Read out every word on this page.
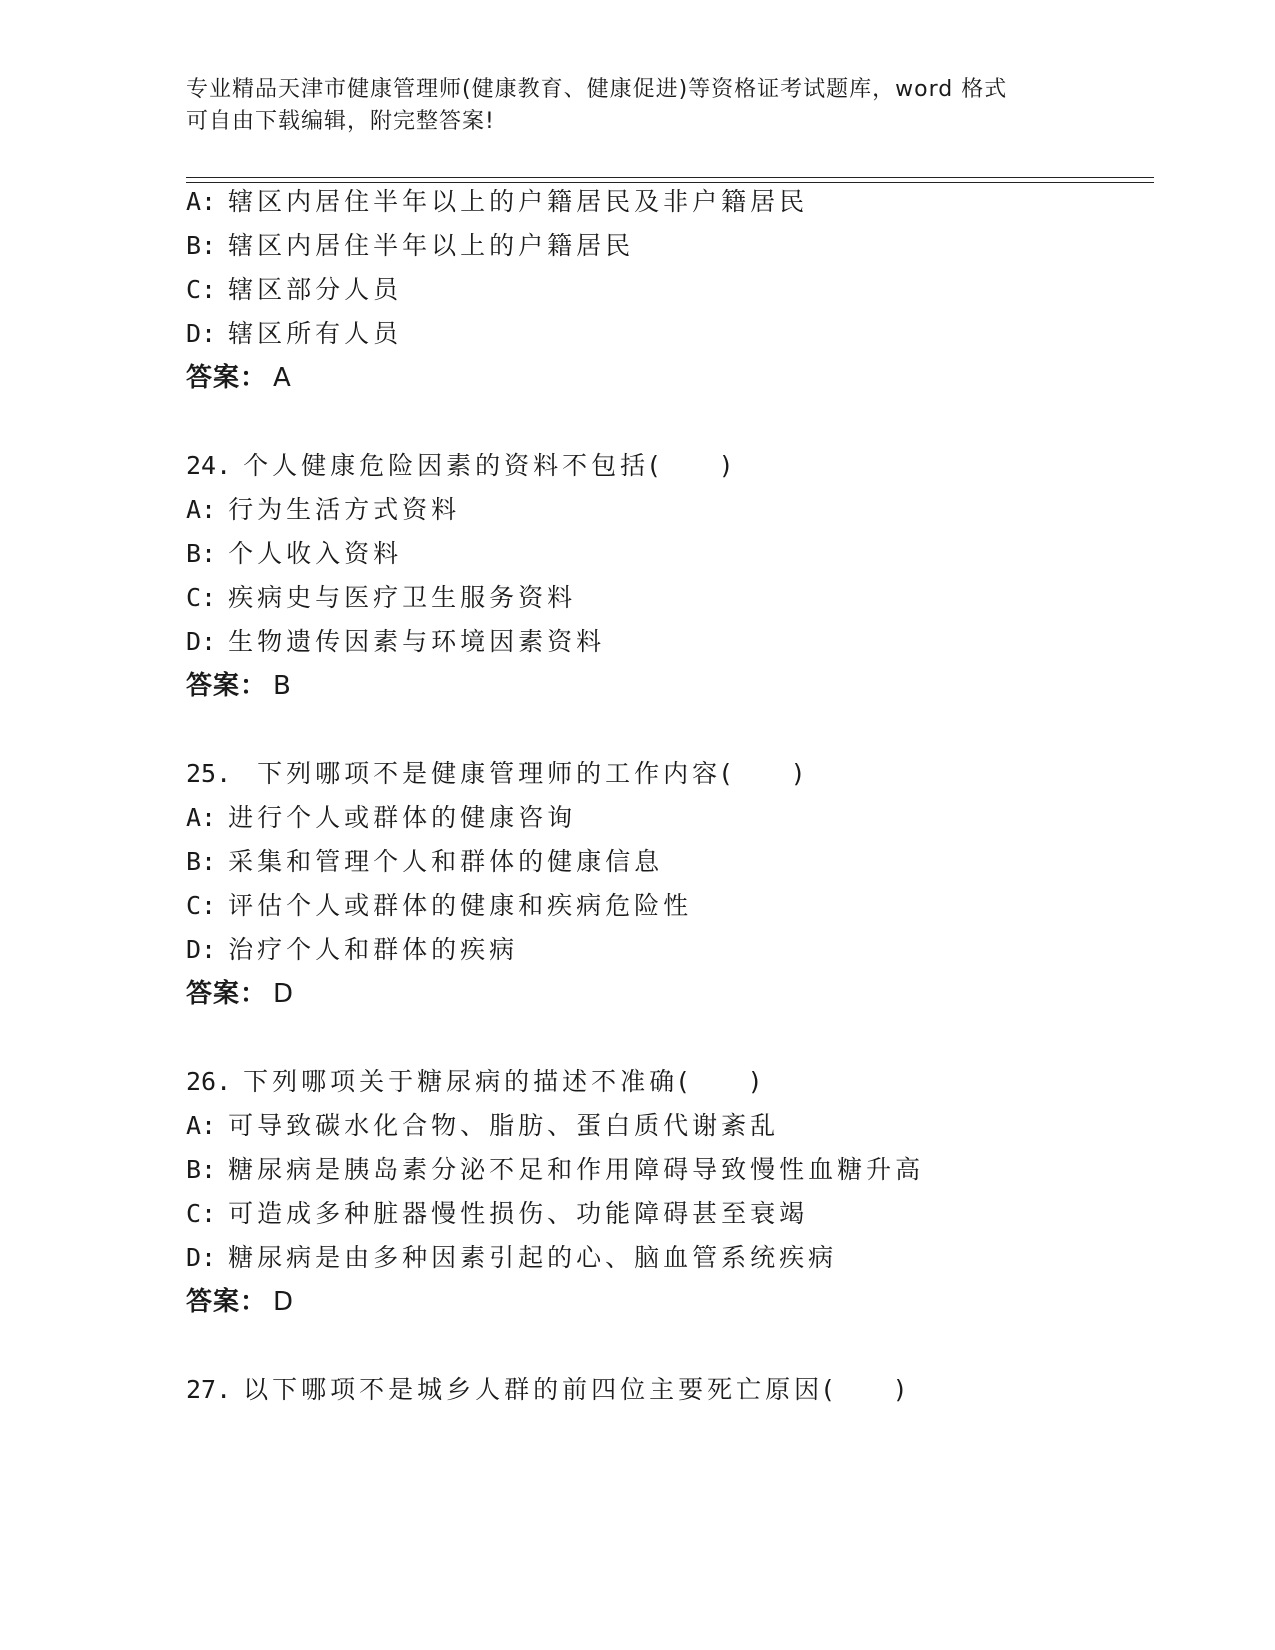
专业精品天津市健康管理师(健康教育、健康促进)等资格证考试题库，word 格式
可自由下载编辑，附完整答案!
A: 辖区内居住半年以上的户籍居民及非户籍居民
B: 辖区内居住半年以上的户籍居民
C: 辖区部分人员
D: 辖区所有人员
答案： A
24. 个人健康危险因素的资料不包括(　　)
A: 行为生活方式资料
B: 个人收入资料
C: 疾病史与医疗卫生服务资料
D: 生物遗传因素与环境因素资料
答案： B
25. 下列哪项不是健康管理师的工作内容(　　)
A: 进行个人或群体的健康咨询
B: 采集和管理个人和群体的健康信息
C: 评估个人或群体的健康和疾病危险性
D: 治疗个人和群体的疾病
答案： D
26. 下列哪项关于糖尿病的描述不准确(　　)
A: 可导致碳水化合物、脂肪、蛋白质代谢紊乱
B: 糖尿病是胰岛素分泌不足和作用障碍导致慢性血糖升高
C: 可造成多种脏器慢性损伤、功能障碍甚至衰竭
D: 糖尿病是由多种因素引起的心、脑血管系统疾病
答案： D
27. 以下哪项不是城乡人群的前四位主要死亡原因(　　)
